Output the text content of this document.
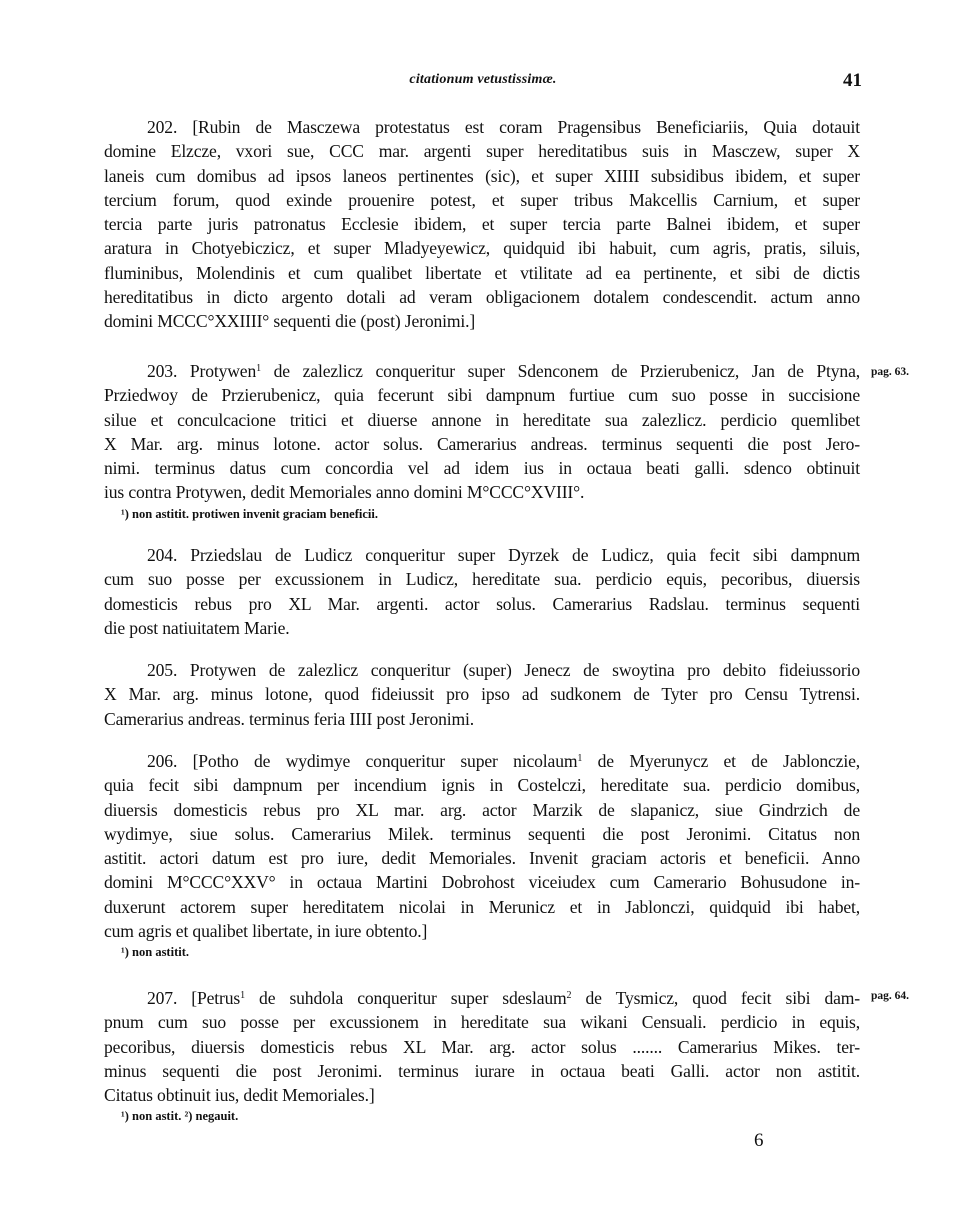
citationum vetustissimæ.	41
202. [Rubin de Masczewa protestatus est coram Pragensibus Beneficiariis, Quia dotauit
domine Elzcze, vxori sue, CCC mar. argenti super hereditatibus suis in Masczew, super X
laneis cum domibus ad ipsos laneos pertinentes (sic), et super XIIII subsidibus ibidem, et super
tercium forum, quod exinde prouenire potest, et super tribus Makcellis Carnium, et super
tercia parte juris patronatus Ecclesie ibidem, et super tercia parte Balnei ibidem, et super
aratura in Chotyebiczicz, et super Mladyeyewicz, quidquid ibi habuit, cum agris, pratis, siluis,
fluminibus, Molendinis et cum qualibet libertate et vtilitate ad ea pertinente, et sibi de dictis
hereditatibus in dicto argento dotali ad veram obligacionem dotalem condescendit. actum anno
domini MCCC°XXIIII° sequenti die (post) Jeronimi.]
203. Protywen$^1$ de zalezlicz conqueritur super Sdenconem de Przierubenicz, Jan de Ptyna,
Prziedwoy de Przierubenicz, quia fecerunt sibi dampnum furtiue cum suo posse in succisione
silue et conculcacione tritici et diuerse annone in hereditate sua zalezlicz. perdicio quemlibet
X Mar. arg. minus lotone. actor solus. Camerarius andreas. terminus sequenti die post Jero-
nimi. terminus datus cum concordia vel ad idem ius in octaua beati galli. sdenco obtinuit
ius contra Protywen, dedit Memoriales anno domini M°CCC°XVIII°.
¹) non astitit. protiwen invenit graciam beneficii.
pag. 63.
204. Prziedslau de Ludicz conqueritur super Dyrzek de Ludicz, quia fecit sibi dampnum
cum suo posse per excussionem in Ludicz, hereditate sua. perdicio equis, pecoribus, diuersis
domesticis rebus pro XL Mar. argenti. actor solus. Camerarius Radslau. terminus sequenti
die post natiuitatem Marie.
205. Protywen de zalezlicz conqueritur (super) Jenecz de swoytina pro debito fideiussorio
X Mar. arg. minus lotone, quod fideiussit pro ipso ad sudkonem de Tyter pro Censu Tytrensi.
Camerarius andreas. terminus feria IIII post Jeronimi.
206. [Potho de wydimye conqueritur super nicolaum$^1$ de Myerunycz et de Jablonczie,
quia fecit sibi dampnum per incendium ignis in Costelczi, hereditate sua. perdicio domibus,
diuersis domesticis rebus pro XL mar. arg. actor Marzik de slapanicz, siue Gindrzich de
wydimye, siue solus. Camerarius Milek. terminus sequenti die post Jeronimi. Citatus non
astitit. actori datum est pro iure, dedit Memoriales. Invenit graciam actoris et beneficii. Anno
domini M°CCC°XXV° in octaua Martini Dobrohost viceiudex cum Camerario Bohusudone in-
duxerunt actorem super hereditatem nicolai in Merunicz et in Jablonczi, quidquid ibi habet,
cum agris et qualibet libertate, in iure obtento.]
¹) non astitit.
207. [Petrus$^1$ de suhdola conqueritur super sdeslaum$^2$ de Tysmicz, quod fecit sibi dam-
pnum cum suo posse per excussionem in hereditate sua wikani Censuali. perdicio in equis,
pecoribus, diuersis domesticis rebus XL Mar. arg. actor solus ....... Camerarius Mikes. ter-
minus sequenti die post Jeronimi. terminus iurare in octaua beati Galli. actor non astitit.
Citatus obtinuit ius, dedit Memoriales.]
¹) non astit. ²) negauit.
pag. 64.
6
